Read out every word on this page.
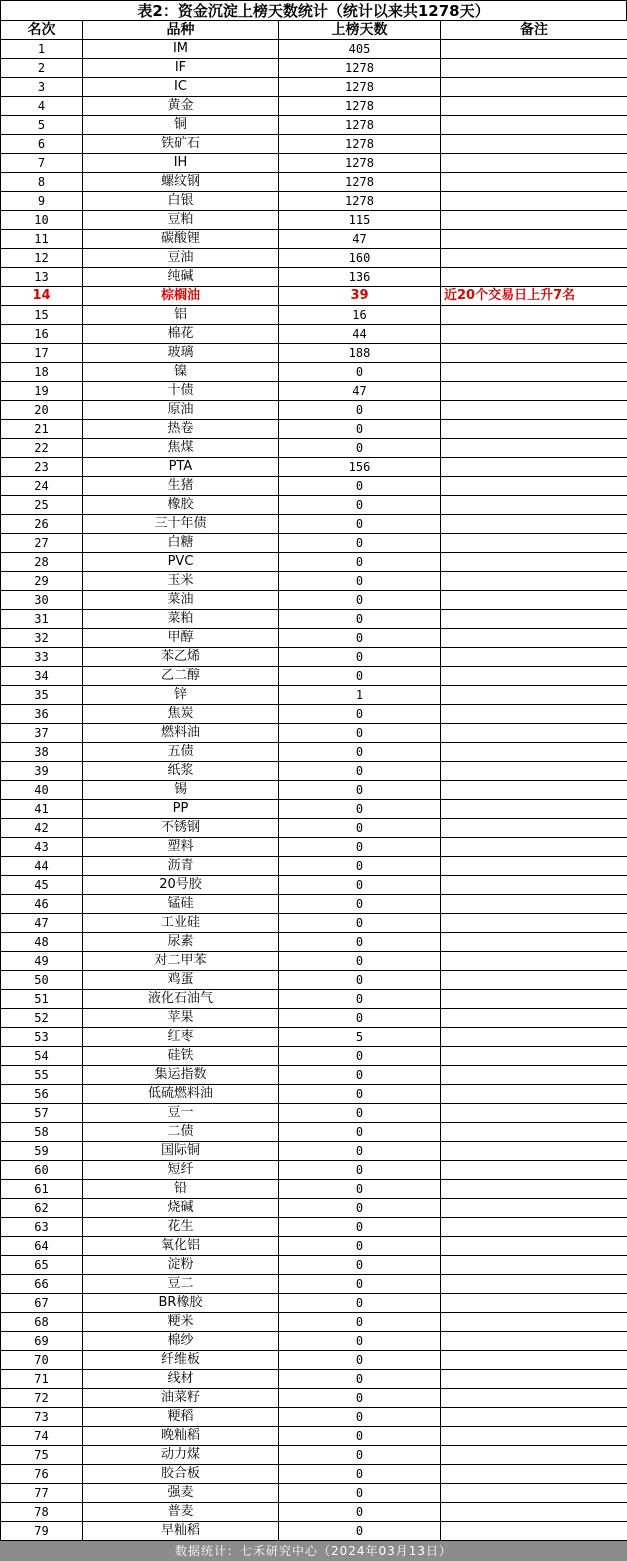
表2：资金沉淀上榜天数统计（统计以来共1278天）
名次	品种	上榜天数	备注
1	IM	405	
2	IF	1278	
3	IC	1278	
4	黄金	1278	
5	铜	1278	
6	铁矿石	1278	
7	IH	1278	
8	螺纹钢	1278	
9	白银	1278	
10	豆粕	115	
11	碳酸锂	47	
12	豆油	160	
13	纯碱	136	
14	棕榈油	39	近20个交易日上升7名
15	铝	16	
16	棉花	44	
17	玻璃	188	
18	镍	0	
19	十债	47	
20	原油	0	
21	热卷	0	
22	焦煤	0	
23	PTA	156	
24	生猪	0	
25	橡胶	0	
26	三十年债	0	
27	白糖	0	
28	PVC	0	
29	玉米	0	
30	菜油	0	
31	菜粕	0	
32	甲醇	0	
33	苯乙烯	0	
34	乙二醇	0	
35	锌	1	
36	焦炭	0	
37	燃料油	0	
38	五债	0	
39	纸浆	0	
40	锡	0	
41	PP	0	
42	不锈钢	0	
43	塑料	0	
44	沥青	0	
45	20号胶	0	
46	锰硅	0	
47	工业硅	0	
48	尿素	0	
49	对二甲苯	0	
50	鸡蛋	0	
51	液化石油气	0	
52	苹果	0	
53	红枣	5	
54	硅铁	0	
55	集运指数	0	
56	低硫燃料油	0	
57	豆一	0	
58	二债	0	
59	国际铜	0	
60	短纤	0	
61	铅	0	
62	烧碱	0	
63	花生	0	
64	氧化铝	0	
65	淀粉	0	
66	豆二	0	
67	BR橡胶	0	
68	粳米	0	
69	棉纱	0	
70	纤维板	0	
71	线材	0	
72	油菜籽	0	
73	粳稻	0	
74	晚籼稻	0	
75	动力煤	0	
76	胶合板	0	
77	强麦	0	
78	普麦	0	
79	早籼稻	0	
数据统计：七禾研究中心（2024年03月13日）
